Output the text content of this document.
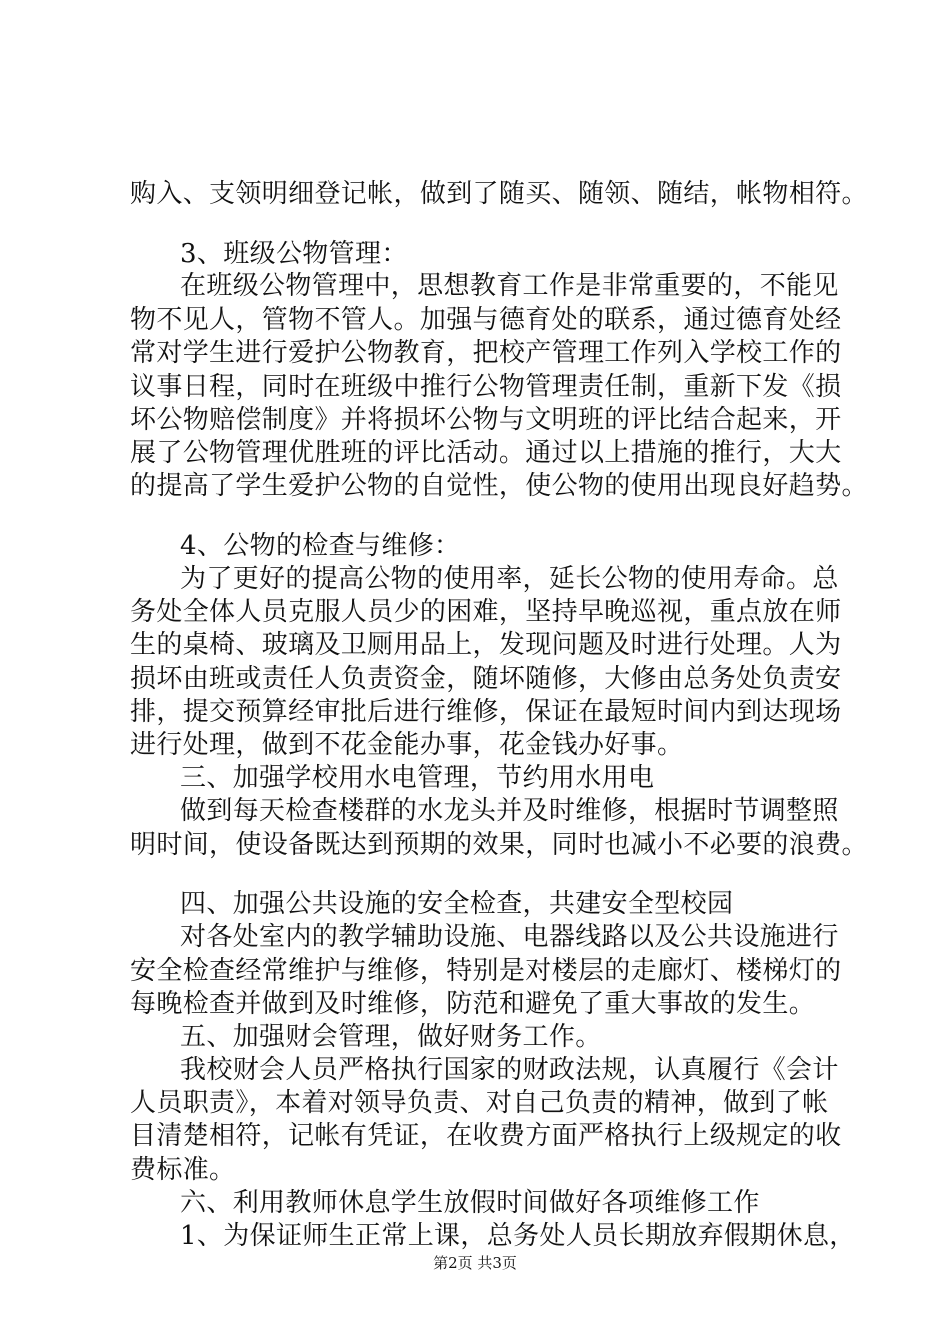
购入、支领明细登记帐，做到了随买、随领、随结，帐物相符。
3、班级公物管理：
在班级公物管理中，思想教育工作是非常重要的，不能见
物不见人，管物不管人。加强与德育处的联系，通过德育处经
常对学生进行爱护公物教育，把校产管理工作列入学校工作的
议事日程，同时在班级中推行公物管理责任制，重新下发《损
坏公物赔偿制度》并将损坏公物与文明班的评比结合起来，开
展了公物管理优胜班的评比活动。通过以上措施的推行，大大
的提高了学生爱护公物的自觉性，使公物的使用出现良好趋势。
4、公物的检查与维修：
为了更好的提高公物的使用率，延长公物的使用寿命。总
务处全体人员克服人员少的困难，坚持早晚巡视，重点放在师
生的桌椅、玻璃及卫厕用品上，发现问题及时进行处理。人为
损坏由班或责任人负责资金，随坏随修，大修由总务处负责安
排，提交预算经审批后进行维修，保证在最短时间内到达现场
进行处理，做到不花金能办事，花金钱办好事。
三、加强学校用水电管理，节约用水用电
做到每天检查楼群的水龙头并及时维修，根据时节调整照
明时间，使设备既达到预期的效果，同时也减小不必要的浪费。
四、加强公共设施的安全检查，共建安全型校园
对各处室内的教学辅助设施、电器线路以及公共设施进行
安全检查经常维护与维修，特别是对楼层的走廊灯、楼梯灯的
每晚检查并做到及时维修，防范和避免了重大事故的发生。
五、加强财会管理，做好财务工作。
我校财会人员严格执行国家的财政法规，认真履行《会计
人员职责》，本着对领导负责、对自己负责的精神，做到了帐
目清楚相符，记帐有凭证，在收费方面严格执行上级规定的收
费标准。
六、利用教师休息学生放假时间做好各项维修工作
1、为保证师生正常上课，总务处人员长期放弃假期休息，
第2页 共3页
